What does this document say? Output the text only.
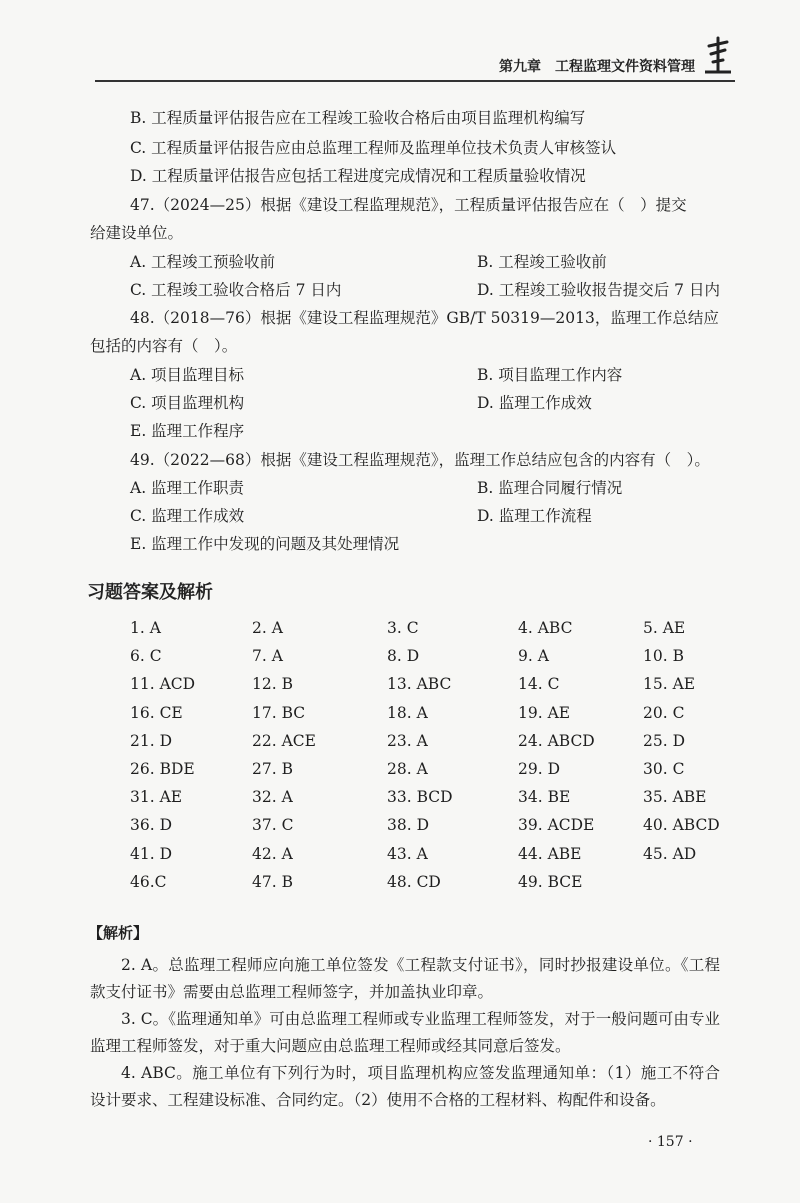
第九章　工程监理文件资料管理
B. 工程质量评估报告应在工程竣工验收合格后由项目监理机构编写
C. 工程质量评估报告应由总监理工程师及监理单位技术负责人审核签认
D. 工程质量评估报告应包括工程进度完成情况和工程质量验收情况
47.（2024—25）根据《建设工程监理规范》，工程质量评估报告应在（　）提交
给建设单位。
A. 工程竣工预验收前	B. 工程竣工验收前
C. 工程竣工验收合格后 7 日内	D. 工程竣工验收报告提交后 7 日内
48.（2018—76）根据《建设工程监理规范》GB/T 50319—2013，监理工作总结应
包括的内容有（　）。
A. 项目监理目标	B. 项目监理工作内容
C. 项目监理机构	D. 监理工作成效
E. 监理工作程序
49.（2022—68）根据《建设工程监理规范》，监理工作总结应包含的内容有（　）。
A. 监理工作职责	B. 监理合同履行情况
C. 监理工作成效	D. 监理工作流程
E. 监理工作中发现的问题及其处理情况
习题答案及解析
1. A	2. A	3. C	4. ABC	5. AE
6. C	7. A	8. D	9. A	10. B
11. ACD	12. B	13. ABC	14. C	15. AE
16. CE	17. BC	18. A	19. AE	20. C
21. D	22. ACE	23. A	24. ABCD	25. D
26. BDE	27. B	28. A	29. D	30. C
31. AE	32. A	33. BCD	34. BE	35. ABE
36. D	37. C	38. D	39. ACDE	40. ABCD
41. D	42. A	43. A	44. ABE	45. AD
46.C	47. B	48. CD	49. BCE
【解析】
2. A。总监理工程师应向施工单位签发《工程款支付证书》，同时抄报建设单位。《工程款支付证书》需要由总监理工程师签字，并加盖执业印章。
3. C。《监理通知单》可由总监理工程师或专业监理工程师签发，对于一般问题可由专业监理工程师签发，对于重大问题应由总监理工程师或经其同意后签发。
4. ABC。施工单位有下列行为时，项目监理机构应签发监理通知单：（1）施工不符合设计要求、工程建设标准、合同约定。（2）使用不合格的工程材料、构配件和设备。
· 157 ·
